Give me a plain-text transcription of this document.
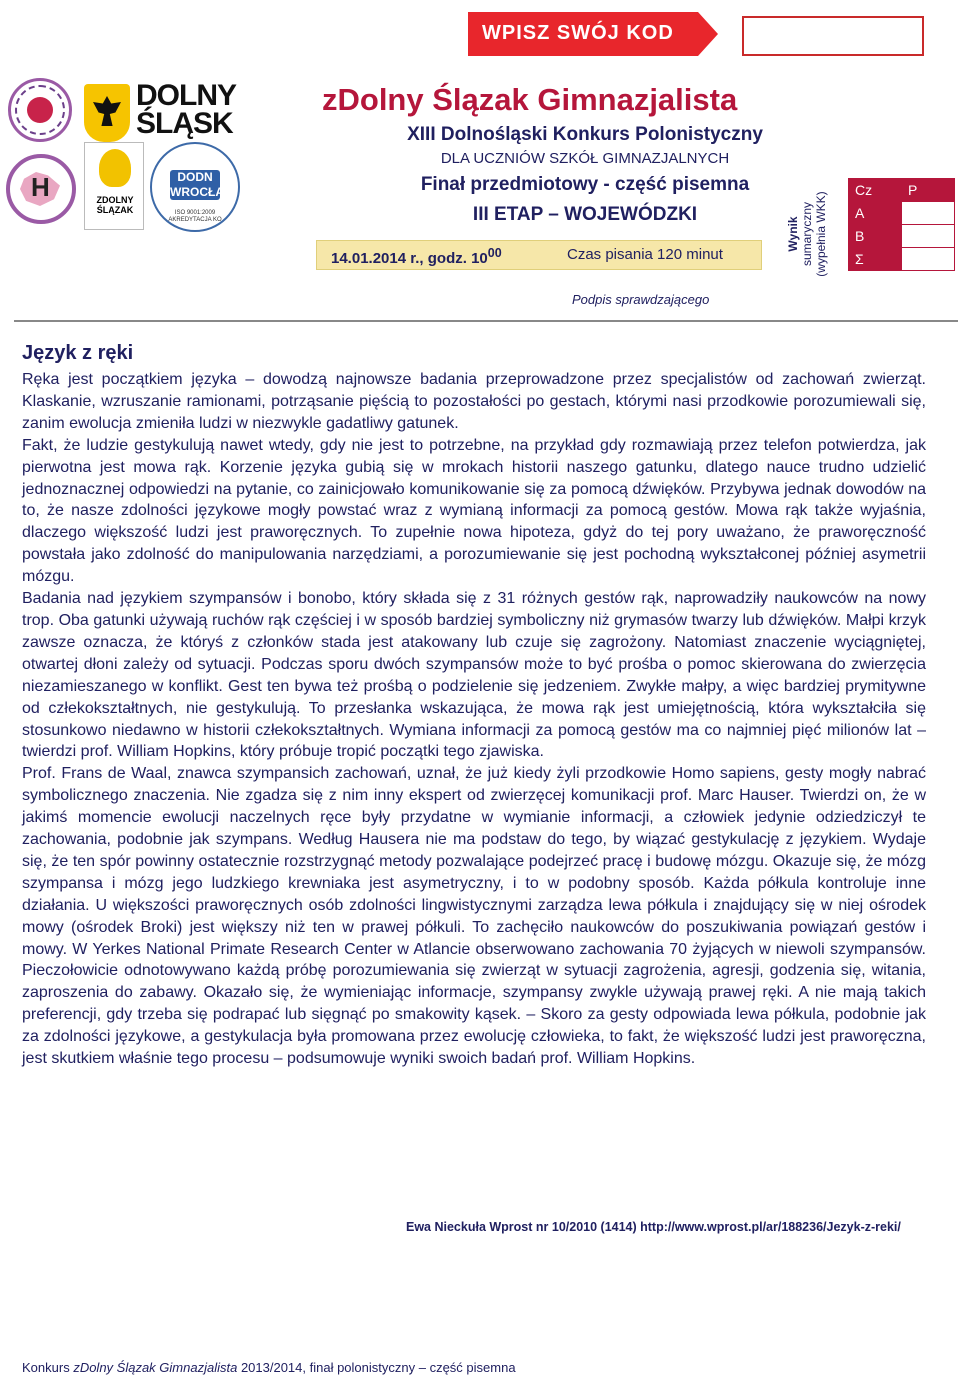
WPISZ SWÓJ KOD
DOLNY
ŚLĄSK
H	ZDOLNY
ŚLĄZAK
DODN WROCŁAW
ISO 9001:2009 AKREDYTACJA KO
zDolny Ślązak Gimnazjalista
XIII Dolnośląski Konkurs Polonistyczny
DLA UCZNIÓW SZKÓŁ GIMNAZJALNYCH
Finał przedmiotowy - część pisemna
III ETAP – WOJEWÓDZKI
14.01.2014 r., godz. $10^{00}$	Czas pisania 120 minut
Podpis sprawdzającego
Wynik sumaryczny (wypełnia WKK)
Cz	P
A	
B	
Σ	
Język z ręki

Ręka jest początkiem języka – dowodzą najnowsze badania przeprowadzone przez specjalistów od zachowań zwierząt. Klaskanie, wzruszanie ramionami, potrząsanie pięścią to pozostałości po gestach, którymi nasi przodkowie porozumiewali się, zanim ewolucja zmieniła ludzi w niezwykle gadatliwy gatunek.

Fakt, że ludzie gestykulują nawet wtedy, gdy nie jest to potrzebne, na przykład gdy rozmawiają przez telefon potwierdza, jak pierwotna jest mowa rąk. Korzenie języka gubią się w mrokach historii naszego gatunku, dlatego nauce trudno udzielić jednoznacznej odpowiedzi na pytanie, co zainicjowało komunikowanie się za pomocą dźwięków. Przybywa jednak dowodów na to, że nasze zdolności językowe mogły powstać wraz z wymianą informacji za pomocą gestów. Mowa rąk także wyjaśnia, dlaczego większość ludzi jest praworęcznych. To zupełnie nowa hipoteza, gdyż do tej pory uważano, że praworęczność powstała jako zdolność do manipulowania narzędziami, a porozumiewanie się jest pochodną wykształconej później asymetrii mózgu.

Badania nad językiem szympansów i bonobo, który składa się z 31 różnych gestów rąk, naprowadziły naukowców na nowy trop. Oba gatunki używają ruchów rąk częściej i w sposób bardziej symboliczny niż grymasów twarzy lub dźwięków. Małpi krzyk zawsze oznacza, że któryś z członków stada jest atakowany lub czuje się zagrożony. Natomiast znaczenie wyciągniętej, otwartej dłoni zależy od sytuacji. Podczas sporu dwóch szympansów może to być prośba o pomoc skierowana do zwierzęcia niezamieszanego w konflikt. Gest ten bywa też prośbą o podzielenie się jedzeniem. Zwykłe małpy, a więc bardziej prymitywne od człekokształtnych, nie gestykulują. To przesłanka wskazująca, że mowa rąk jest umiejętnością, która wykształciła się stosunkowo niedawno w historii człekokształtnych. Wymiana informacji za pomocą gestów ma co najmniej pięć milionów lat – twierdzi prof. William Hopkins, który próbuje tropić początki tego zjawiska.

Prof. Frans de Waal, znawca szympansich zachowań, uznał, że już kiedy żyli przodkowie Homo sapiens, gesty mogły nabrać symbolicznego znaczenia. Nie zgadza się z nim inny ekspert od zwierzęcej komunikacji prof. Marc Hauser. Twierdzi on, że w jakimś momencie ewolucji naczelnych ręce były przydatne w wymianie informacji, a człowiek jedynie odziedziczył te zachowania, podobnie jak szympans. Według Hausera nie ma podstaw do tego, by wiązać gestykulację z językiem. Wydaje się, że ten spór powinny ostatecznie rozstrzygnąć metody pozwalające podejrzeć pracę i budowę mózgu. Okazuje się, że mózg szympansa i mózg jego ludzkiego krewniaka jest asymetryczny, i to w podobny sposób. Każda półkula kontroluje inne działania. U większości praworęcznych osób zdolności lingwistycznymi zarządza lewa półkula i znajdujący się w niej ośrodek mowy (ośrodek Broki) jest większy niż ten w prawej półkuli. To zachęciło naukowców do poszukiwania powiązań gestów i mowy. W Yerkes National Primate Research Center w Atlancie obserwowano zachowania 70 żyjących w niewoli szympansów. Pieczołowicie odnotowywano każdą próbę porozumiewania się zwierząt w sytuacji zagrożenia, agresji, godzenia się, witania, zaproszenia do zabawy. Okazało się, że wymieniając informacje, szympansy zwykle używają prawej ręki. A nie mają takich preferencji, gdy trzeba się podrapać lub sięgnąć po smakowity kąsek. – Skoro za gesty odpowiada lewa półkula, podobnie jak za zdolności językowe, a gestykulacja była promowana przez ewolucję człowieka, to fakt, że większość ludzi jest praworęczna, jest skutkiem właśnie tego procesu – podsumowuje wyniki swoich badań prof. William Hopkins.

Ewa Nieckuła Wprost nr 10/2010 (1414) http://www.wprost.pl/ar/188236/Jezyk-z-reki/
Konkurs zDolny Ślązak Gimnazjalista 2013/2014, finał polonistyczny – część pisemna
